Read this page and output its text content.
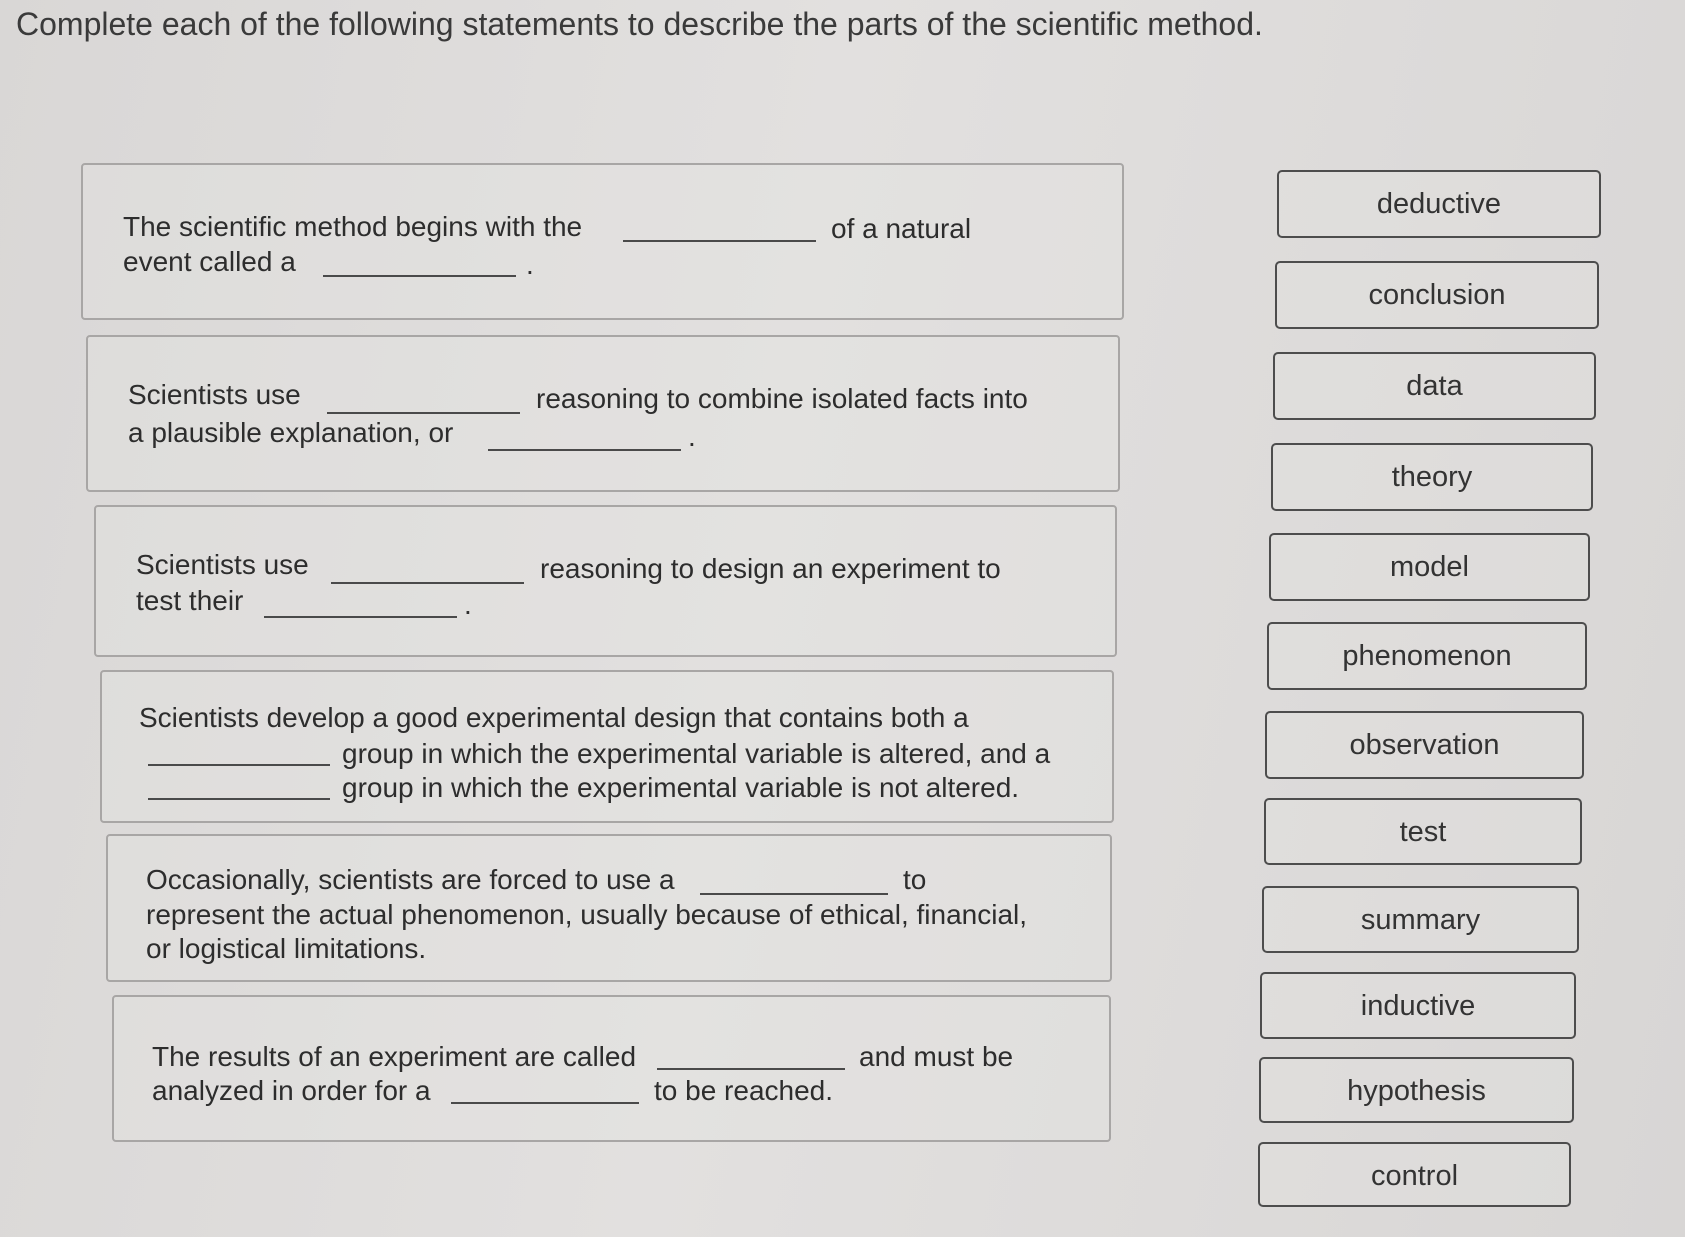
Complete each of the following statements to describe the parts of the scientific method.
The scientific method begins with the	of a natural
event called a	.
Scientists use	reasoning to combine isolated facts into
a plausible explanation, or	.
Scientists use	reasoning to design an experiment to
test their	.
Scientists develop a good experimental design that contains both a
group in which the experimental variable is altered, and a
group in which the experimental variable is not altered.
Occasionally, scientists are forced to use a	to
represent the actual phenomenon, usually because of ethical, financial,
or logistical limitations.
The results of an experiment are called	and must be
analyzed in order for a	to be reached.
deductive
conclusion
data
theory
model
phenomenon
observation
test
summary
inductive
hypothesis
control
